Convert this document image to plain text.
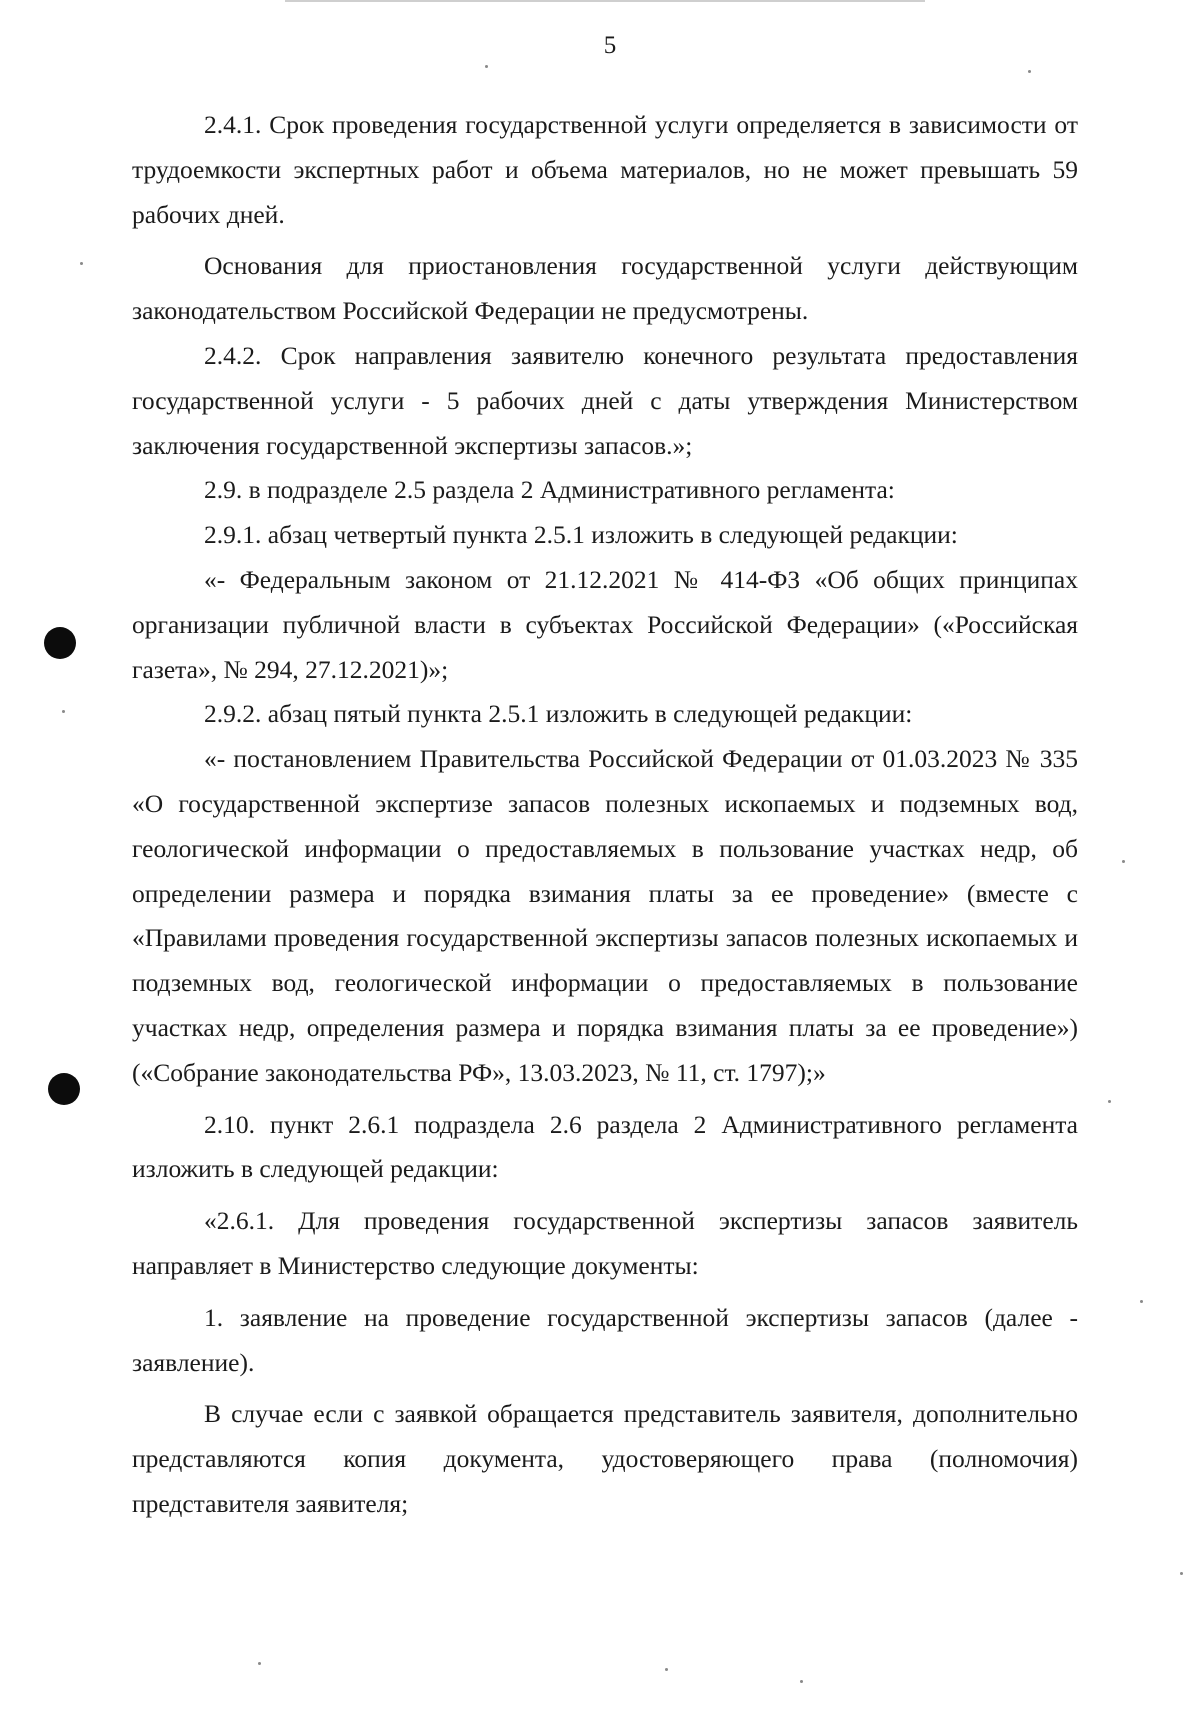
5

2.4.1. Срок проведения государственной услуги определяется в зависимости от трудоемкости экспертных работ и объема материалов, но не может превышать 59 рабочих дней.

Основания для приостановления государственной услуги действующим законодательством Российской Федерации не предусмотрены.

2.4.2. Срок направления заявителю конечного результата предоставления государственной услуги - 5 рабочих дней с даты утверждения Министерством заключения государственной экспертизы запасов.»;

2.9. в подразделе 2.5 раздела 2 Административного регламента:

2.9.1. абзац четвертый пункта 2.5.1 изложить в следующей редакции:

«- Федеральным законом от 21.12.2021 № 414-ФЗ «Об общих принципах организации публичной власти в субъектах Российской Федерации» («Российская газета», № 294, 27.12.2021)»;

2.9.2. абзац пятый пункта 2.5.1 изложить в следующей редакции:

«- постановлением Правительства Российской Федерации от 01.03.2023 № 335 «О государственной экспертизе запасов полезных ископаемых и подземных вод, геологической информации о предоставляемых в пользование участках недр, об определении размера и порядка взимания платы за ее проведение» (вместе с «Правилами проведения государственной экспертизы запасов полезных ископаемых и подземных вод, геологической информации о предоставляемых в пользование участках недр, определения размера и порядка взимания платы за ее проведение») («Собрание законодательства РФ», 13.03.2023, № 11, ст. 1797);»

2.10. пункт 2.6.1 подраздела 2.6 раздела 2 Административного регламента изложить в следующей редакции:

«2.6.1. Для проведения государственной экспертизы запасов заявитель направляет в Министерство следующие документы:

1. заявление на проведение государственной экспертизы запасов (далее - заявление).

В случае если с заявкой обращается представитель заявителя, дополнительно представляются копия документа, удостоверяющего права (полномочия) представителя заявителя;
